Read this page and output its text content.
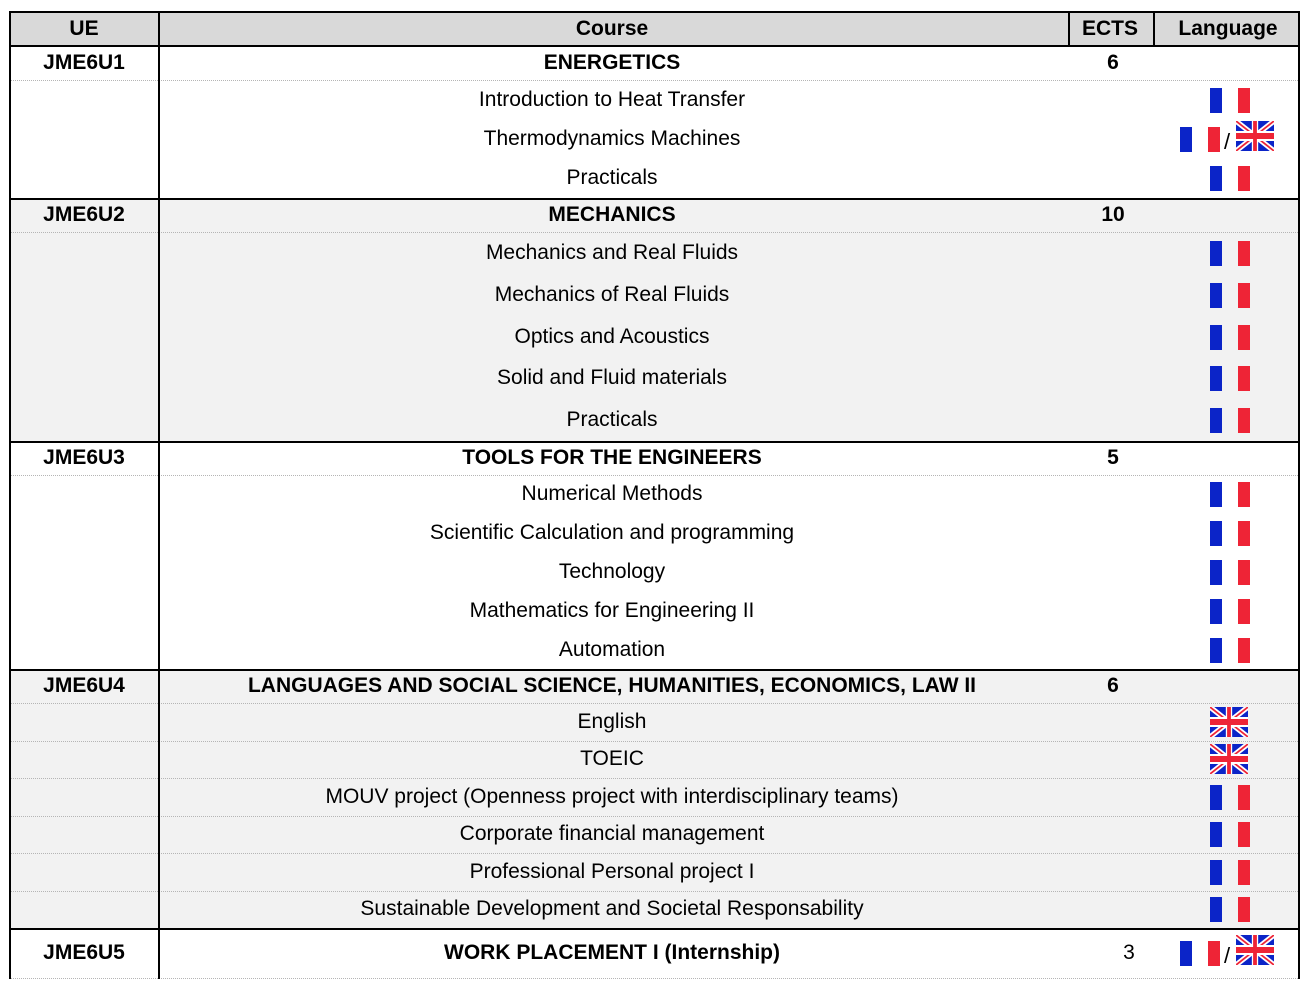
UE	Course	ECTS Language
JME6U1	ENERGETICS	6
Introduction to Heat Transfer
Thermodynamics Machines	/
Practicals
JME6U2	MECHANICS	10
Mechanics and Real Fluids
Mechanics of Real Fluids
Optics and Acoustics
Solid and Fluid materials
Practicals
JME6U3	TOOLS FOR THE ENGINEERS	5
Numerical Methods
Scientific Calculation and programming
Technology
Mathematics for Engineering II
Automation
JME6U4	LANGUAGES AND SOCIAL SCIENCE, HUMANITIES, ECONOMICS, LAW II	6
English
TOEIC
MOUV project (Openness project with interdisciplinary teams)
Corporate financial management
Professional Personal project I
Sustainable Development and Societal Responsability
JME6U5	WORK PLACEMENT I (Internship)	3	/
